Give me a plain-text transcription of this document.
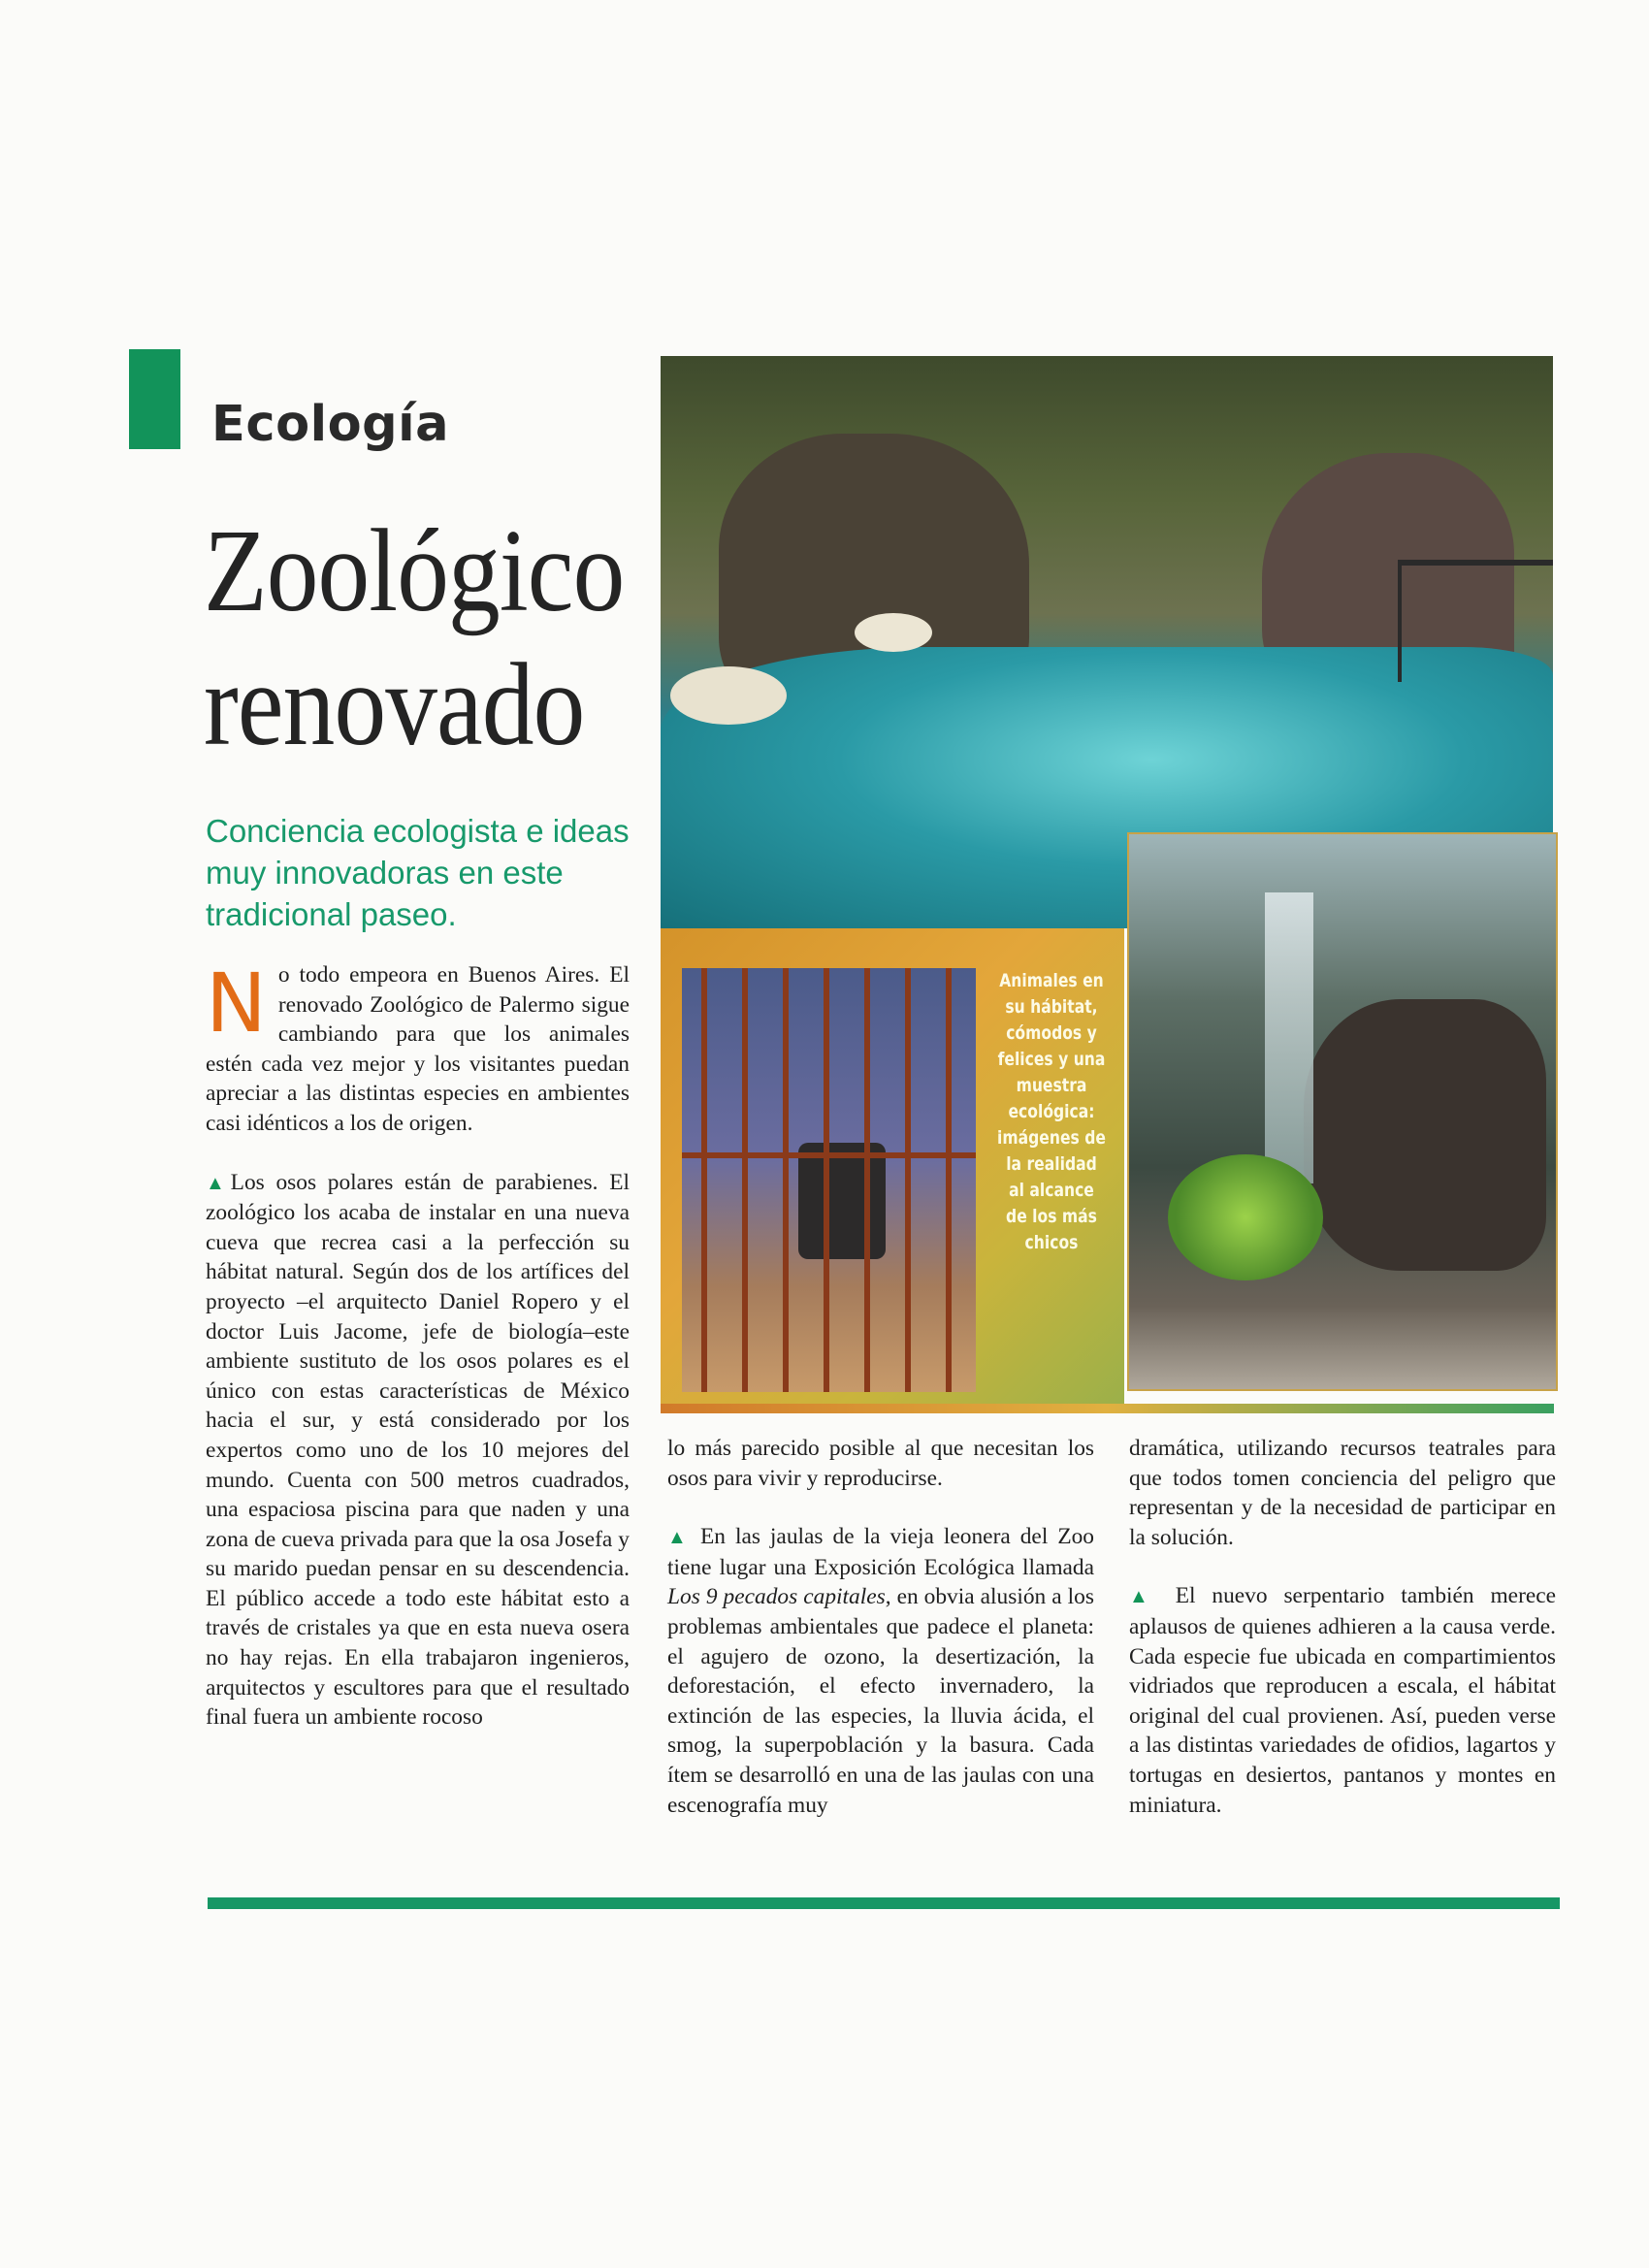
Ecología
Zoológico
renovado
Conciencia ecologista e ideas muy innovadoras en este tradicional paseo.
Animales en su hábitat, cómodos y felices y una muestra ecológica: imágenes de la realidad al alcance de los más chicos

No todo empeora en Buenos Aires. El renovado Zoológico de Palermo sigue cambiando para que los animales estén cada vez mejor y los visitantes puedan apreciar a las distintas especies en ambientes casi idénticos a los de origen.

▲Los osos polares están de parabienes. El zoológico los acaba de instalar en una nueva cueva que recrea casi a la perfección su hábitat natural. Según dos de los artífices del proyecto –el arquitecto Daniel Ropero y el doctor Luis Jacome, jefe de biología–este ambiente sustituto de los osos polares es el único con estas características de México hacia el sur, y está considerado por los expertos como uno de los 10 mejores del mundo. Cuenta con 500 metros cuadrados, una espaciosa piscina para que naden y una zona de cueva privada para que la osa Josefa y su marido puedan pensar en su descendencia. El público accede a todo este hábitat esto a través de cristales ya que en esta nueva osera no hay rejas. En ella trabajaron ingenieros, arquitectos y escultores para que el resultado final fuera un ambiente rocoso

lo más parecido posible al que necesitan los osos para vivir y reproducirse.

▲ En las jaulas de la vieja leonera del Zoo tiene lugar una Exposición Ecológica llamada Los 9 pecados capitales, en obvia alusión a los problemas ambientales que padece el planeta: el agujero de ozono, la desertización, la deforestación, el efecto invernadero, la extinción de las especies, la lluvia ácida, el smog, la superpoblación y la basura. Cada ítem se desarrolló en una de las jaulas con una escenografía muy

dramática, utilizando recursos teatrales para que todos tomen conciencia del peligro que representan y de la necesidad de participar en la solución.

▲ El nuevo serpentario también merece aplausos de quienes adhieren a la causa verde. Cada especie fue ubicada en compartimientos vidriados que reproducen a escala, el hábitat original del cual provienen. Así, pueden verse a las distintas variedades de ofidios, lagartos y tortugas en desiertos, pantanos y montes en miniatura.
